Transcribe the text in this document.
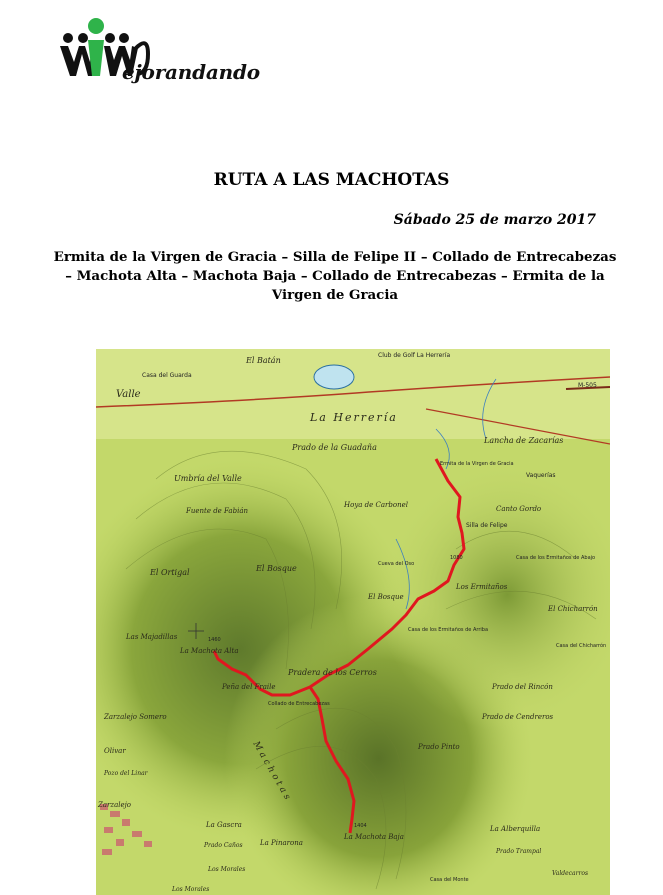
ejorandando
RUTA A LAS MACHOTAS
Sábado 25 de marzo 2017
Ermita de la Virgen de Gracia – Silla de Felipe II – Collado de Entrecabezas – Machota Alta – Machota Baja – Collado de Entrecabezas – Ermita de la Virgen de Gracia
El Batán
Club de Golf La Herrería
Casa del Guarda
Valle
M-505
La Herrería
Prado de la Guadaña
Lancha de Zacarías
Umbría del Valle
Ermita de la Virgen de Gracia
Vaquerías
Fuente de Fabián
Hoya de Carbonel
Silla de Felipe
Canto Gordo
Casa de los Ermitaños de Abajo
El Ortigal	El Bosque	Cueva del Oso
El Bosque
Los Ermitaños
El Chicharrón
Las Majadillas
La Machota Alta
Casa del Chicharrón
Casa de los Ermitaños de Arriba
Pradera de los Cerros
Peña del Fraile	Prado del Rincón
Collado de Entrecabezas
Zarzalejo Somero	Prado de Cendreros
Olivar	Prado Pinto
Pozo del Linar	Machotas
Zarzalejo
La Gascra
La Machota Baja
La Alberquilla
Prado Caños La Pinarona
Prado Trampal
Los Morales
Los Morales
Valdecarros
Casa del Monte
1080
1460
1404
